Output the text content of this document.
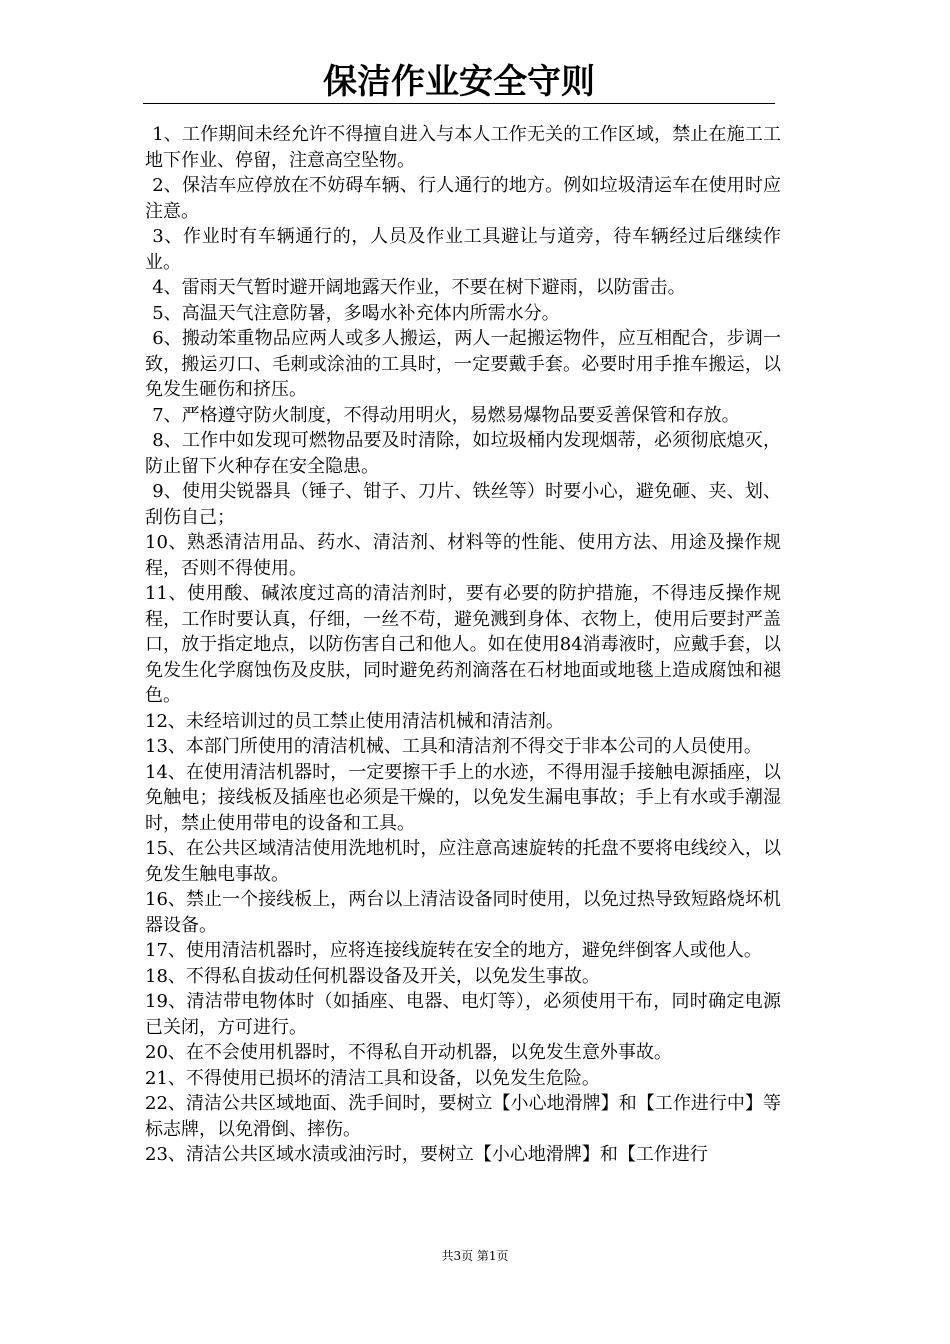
保洁作业安全守则

1、工作期间未经允许不得擅自进入与本人工作无关的工作区域，禁止在施工工地下作业、停留，注意高空坠物。

2、保洁车应停放在不妨碍车辆、行人通行的地方。例如垃圾清运车在使用时应注意。

3、作业时有车辆通行的，人员及作业工具避让与道旁，待车辆经过后继续作业。

4、雷雨天气暂时避开阔地露天作业，不要在树下避雨，以防雷击。

5、高温天气注意防暑，多喝水补充体内所需水分。

6、搬动笨重物品应两人或多人搬运，两人一起搬运物件，应互相配合，步调一致，搬运刃口、毛刺或涂油的工具时，一定要戴手套。必要时用手推车搬运，以免发生砸伤和挤压。

7、严格遵守防火制度，不得动用明火，易燃易爆物品要妥善保管和存放。

8、工作中如发现可燃物品要及时清除，如垃圾桶内发现烟蒂，必须彻底熄灭，防止留下火种存在安全隐患。

9、使用尖锐器具（锤子、钳子、刀片、铁丝等）时要小心，避免砸、夹、划、刮伤自己；

10、熟悉清洁用品、药水、清洁剂、材料等的性能、使用方法、用途及操作规程，否则不得使用。

11、使用酸、碱浓度过高的清洁剂时，要有必要的防护措施，不得违反操作规程，工作时要认真，仔细，一丝不苟，避免溅到身体、衣物上，使用后要封严盖口，放于指定地点，以防伤害自己和他人。如在使用84消毒液时，应戴手套，以免发生化学腐蚀伤及皮肤，同时避免药剂滴落在石材地面或地毯上造成腐蚀和褪色。

12、未经培训过的员工禁止使用清洁机械和清洁剂。

13、本部门所使用的清洁机械、工具和清洁剂不得交于非本公司的人员使用。

14、在使用清洁机器时，一定要擦干手上的水迹，不得用湿手接触电源插座，以免触电；接线板及插座也必须是干燥的，以免发生漏电事故；手上有水或手潮湿时，禁止使用带电的设备和工具。

15、在公共区域清洁使用洗地机时，应注意高速旋转的托盘不要将电线绞入，以免发生触电事故。

16、禁止一个接线板上，两台以上清洁设备同时使用，以免过热导致短路烧坏机器设备。

17、使用清洁机器时，应将连接线旋转在安全的地方，避免绊倒客人或他人。

18、不得私自拔动任何机器设备及开关，以免发生事故。

19、清洁带电物体时（如插座、电器、电灯等），必须使用干布，同时确定电源已关闭，方可进行。

20、在不会使用机器时，不得私自开动机器，以免发生意外事故。

21、不得使用已损坏的清洁工具和设备，以免发生危险。

22、清洁公共区域地面、洗手间时，要树立【小心地滑牌】和【工作进行中】等标志牌，以免滑倒、摔伤。

23、清洁公共区域水渍或油污时，要树立【小心地滑牌】和【工作进行

共3页 第1页
